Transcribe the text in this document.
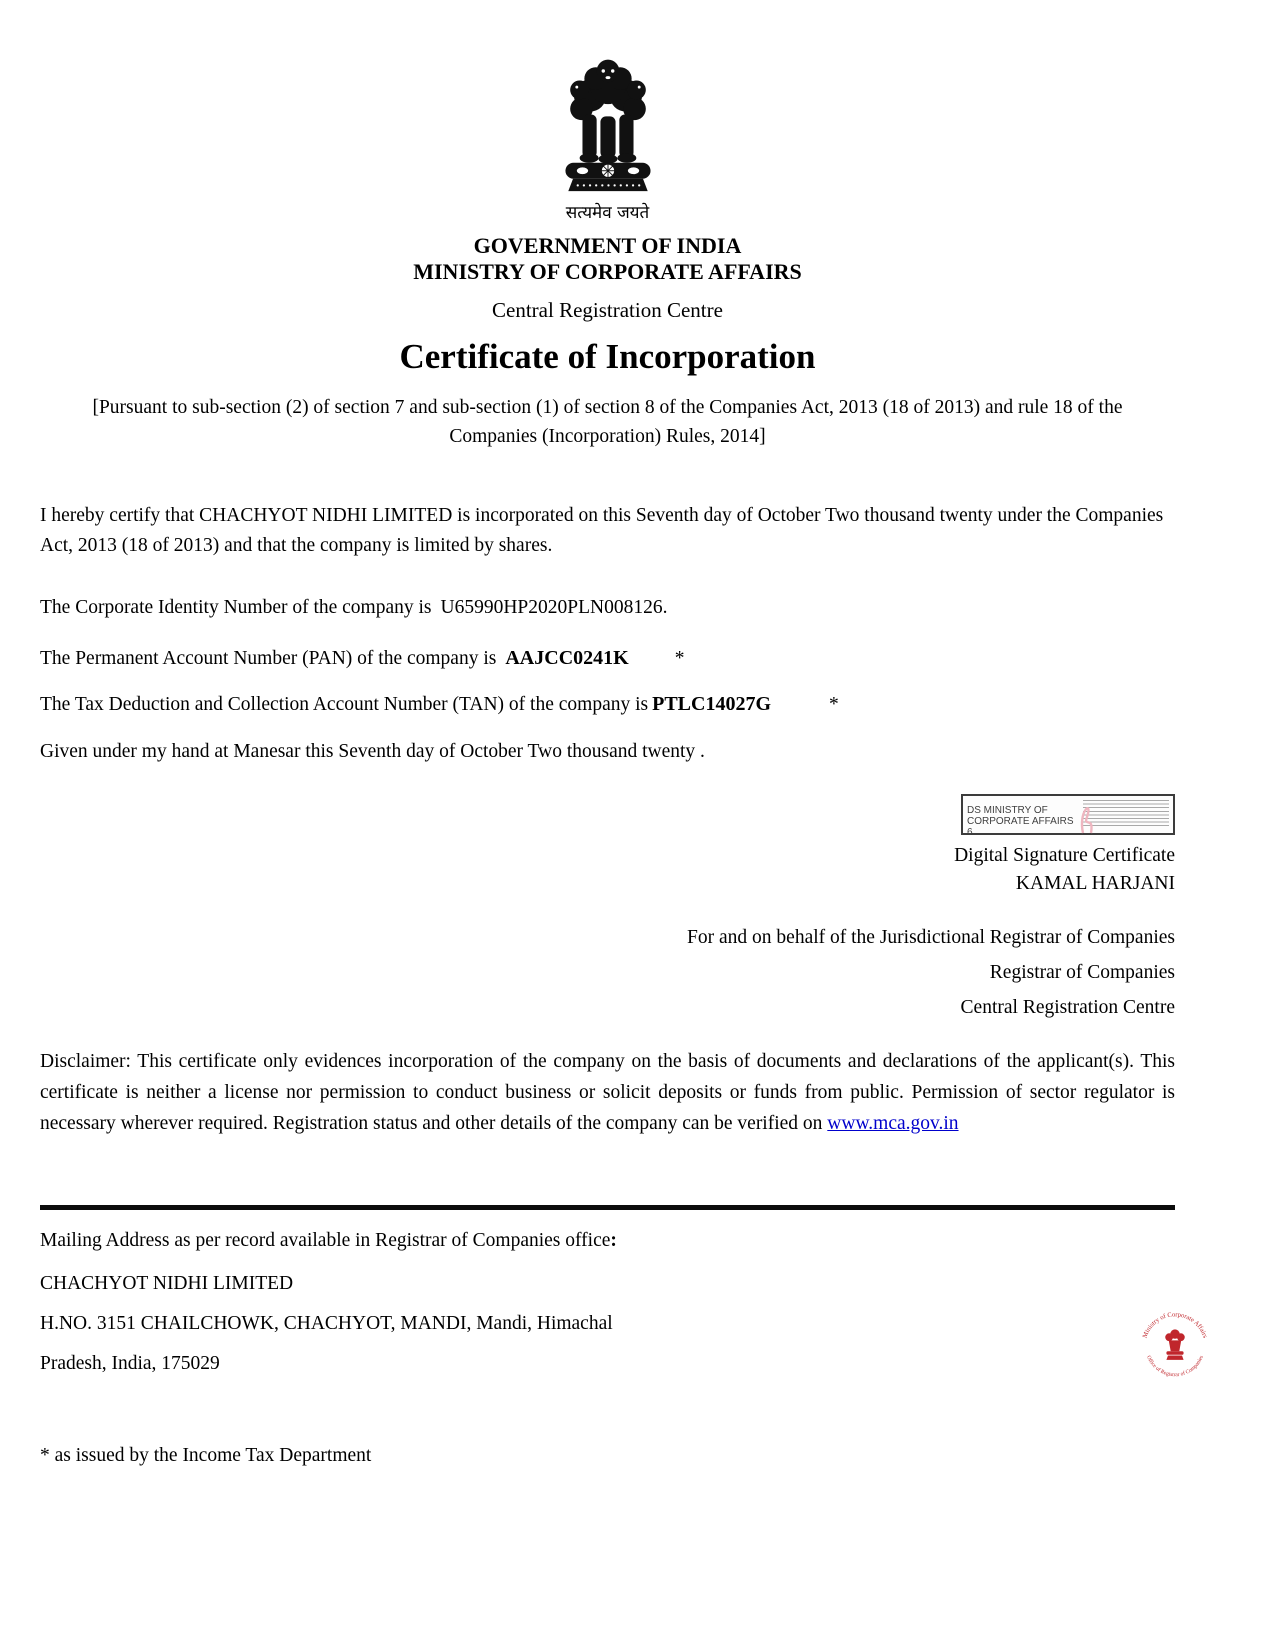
सत्यमेव जयते
GOVERNMENT OF INDIA
MINISTRY OF CORPORATE AFFAIRS
Central Registration Centre
Certificate of Incorporation
[Pursuant to sub-section (2) of section 7 and sub-section (1) of section 8 of the Companies Act, 2013 (18 of 2013) and rule 18 of the Companies (Incorporation) Rules, 2014]
I hereby certify that CHACHYOT NIDHI LIMITED is incorporated on this Seventh day of October Two thousand twenty under the Companies Act, 2013 (18 of 2013) and that the company is limited by shares.
The Corporate Identity Number of the company is U65990HP2020PLN008126.
The Permanent Account Number (PAN) of the company is AAJCC0241K *
The Tax Deduction and Collection Account Number (TAN) of the company is PTLC14027G	*
Given under my hand at Manesar this Seventh day of October Two thousand twenty .
DS MINISTRY OF CORPORATE AFFAIRS 6
Digital Signature Certificate
KAMAL HARJANI
For and on behalf of the Jurisdictional Registrar of Companies
Registrar of Companies
Central Registration Centre
Disclaimer: This certificate only evidences incorporation of the company on the basis of documents and declarations of the applicant(s). This certificate is neither a license nor permission to conduct business or solicit deposits or funds from public. Permission of sector regulator is necessary wherever required. Registration status and other details of the company can be verified on www.mca.gov.in
Mailing Address as per record available in Registrar of Companies office:
CHACHYOT NIDHI LIMITED
H.NO. 3151 CHAILCHOWK, CHACHYOT, MANDI, Mandi, Himachal
Pradesh, India, 175029
Ministry of Corporate Affairs
Office of Registrar of Companies
* as issued by the Income Tax Department
